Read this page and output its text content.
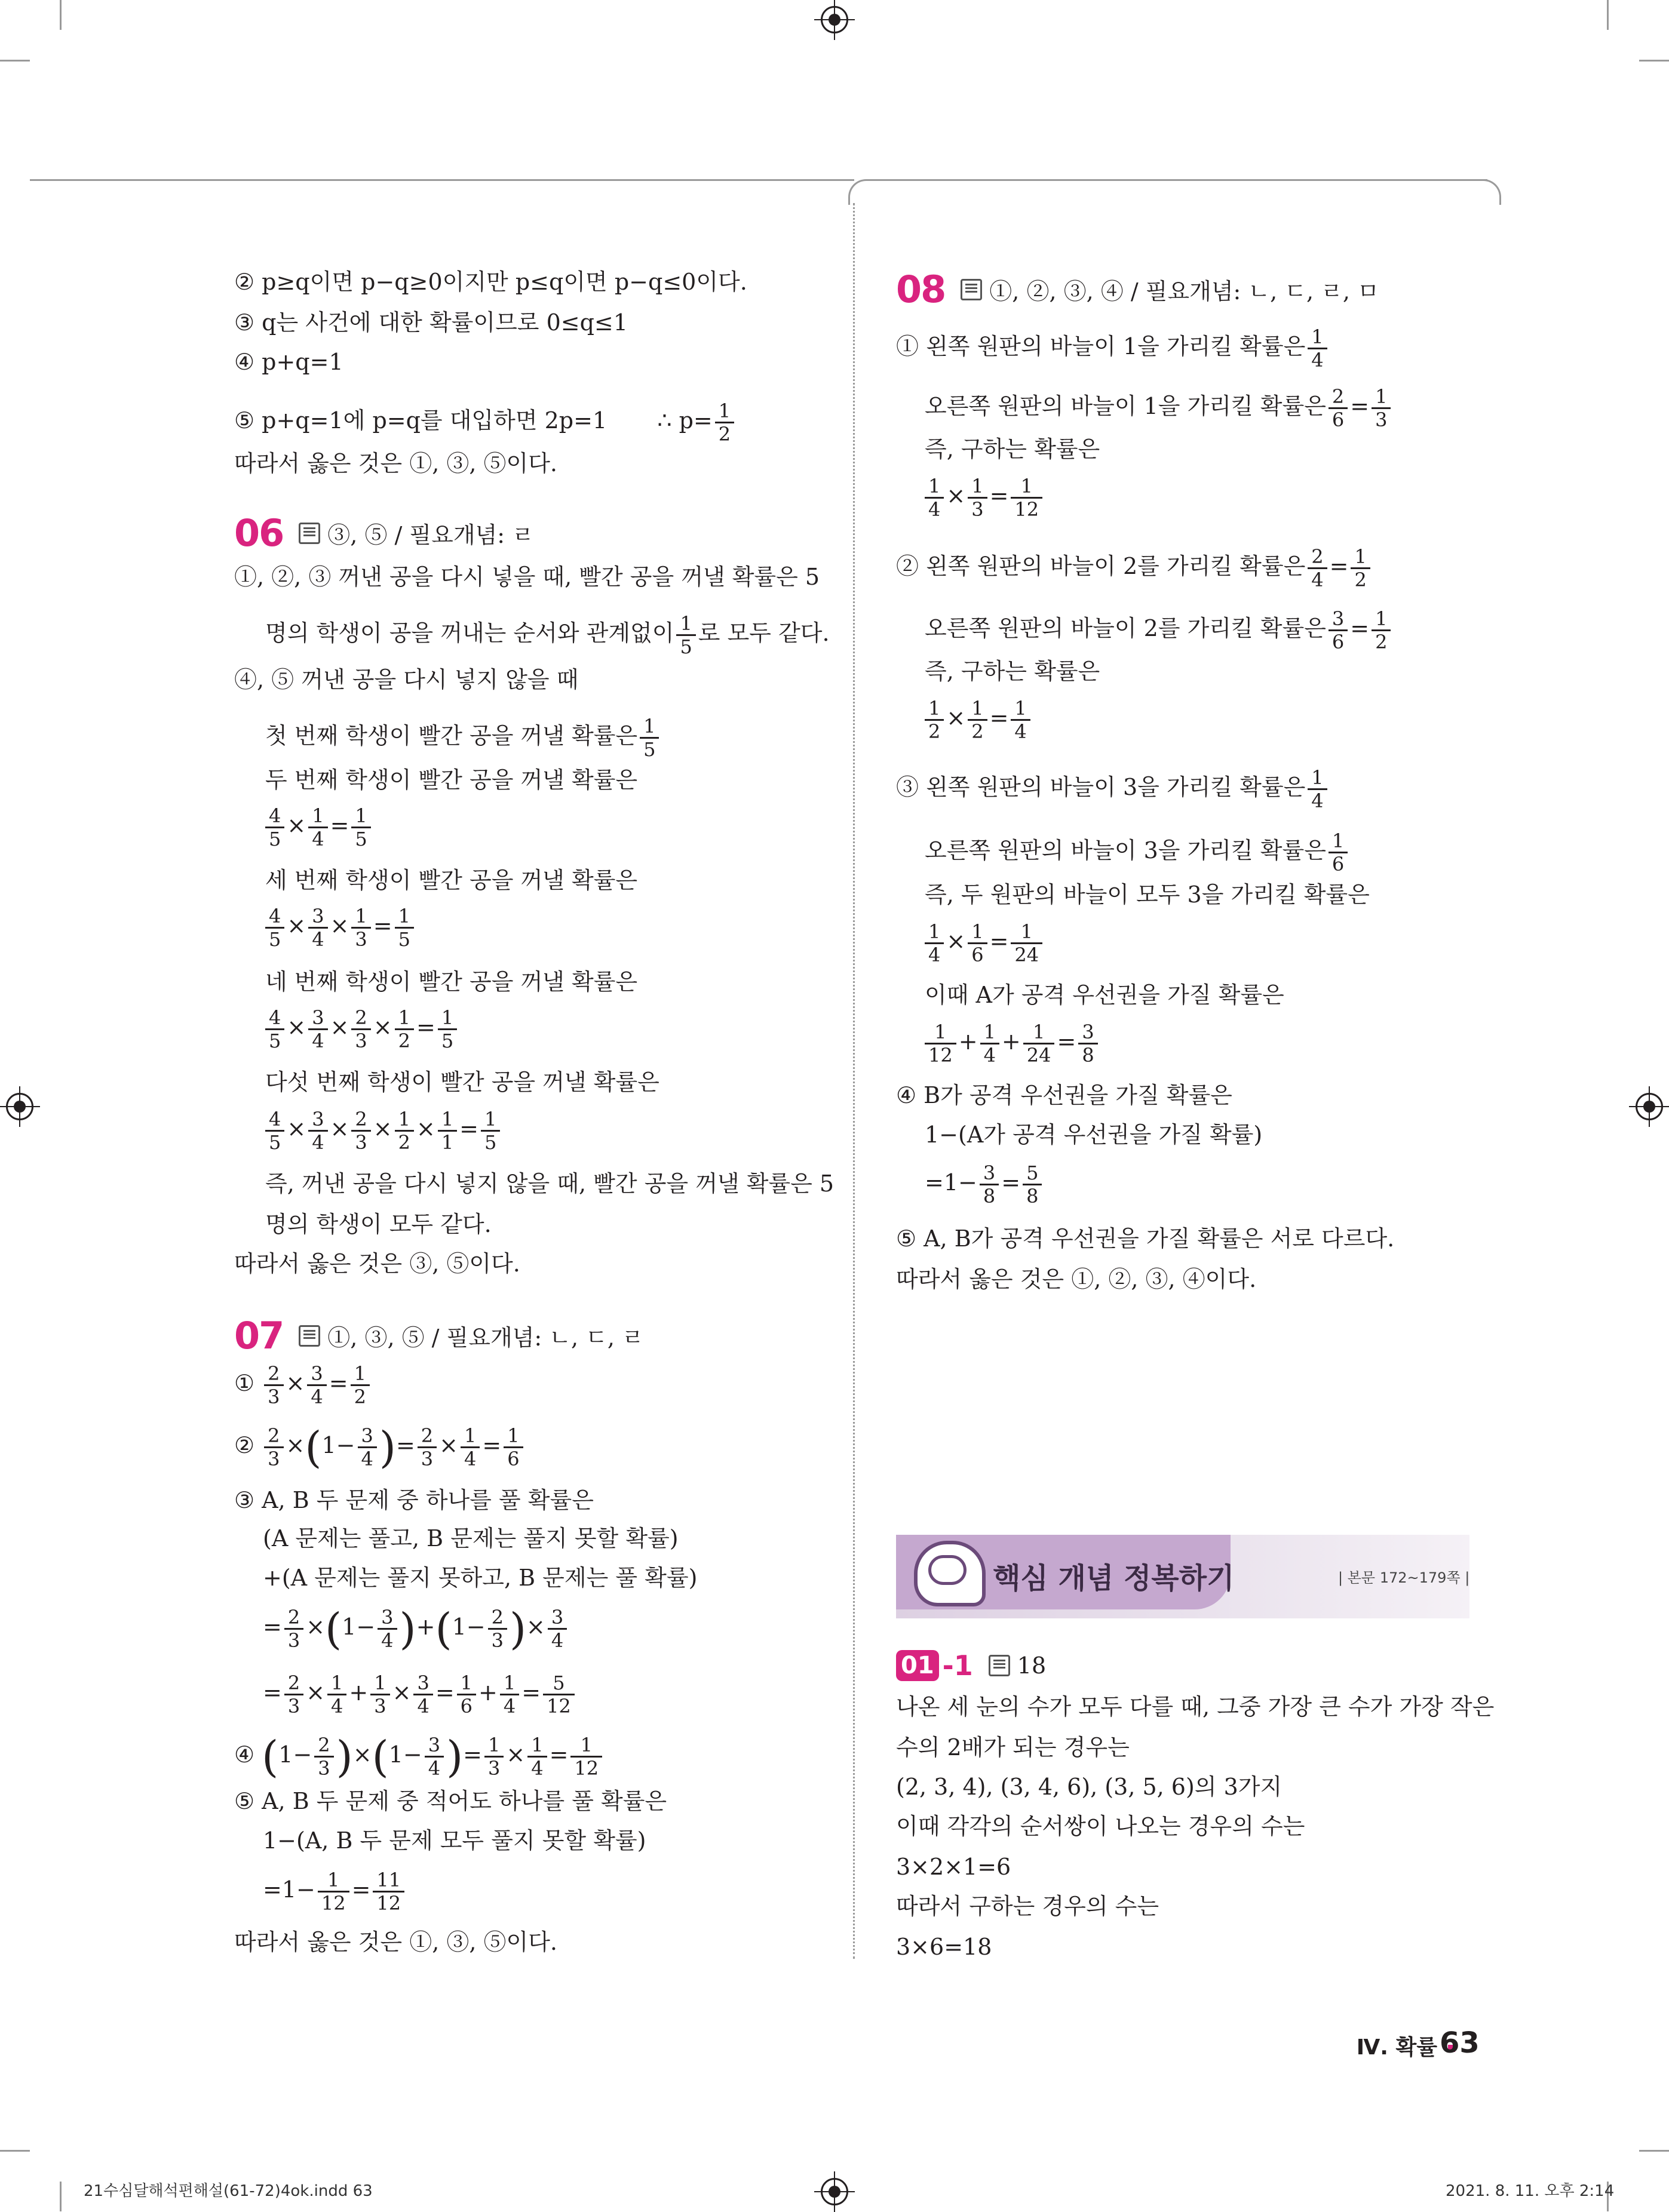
② p≥q이면 p−q≥0이지만 p≤q이면 p−q≤0이다.
③ q는 사건에 대한 확률이므로 0≤q≤1
④ p+q=1
⑤ p+q=1에 p=q를 대입하면 2p=1 ∴ $p= \frac{1}{2}$
따라서 옳은 것은 ①, ③, ⑤이다.
06 ③, ⑤ / 필요개념: ㄹ
①, ②, ③ 꺼낸 공을 다시 넣을 때, 빨간 공을 꺼낼 확률은 5
명의 학생이 공을 꺼내는 순서와 관계없이 $\frac{1}{5}$ 로 모두 같다.
④, ⑤ 꺼낸 공을 다시 넣지 않을 때
첫 번째 학생이 빨간 공을 꺼낼 확률은 $\frac{1}{5}$
두 번째 학생이 빨간 공을 꺼낼 확률은
$\frac{4}{5} \times \frac{1}{4} = \frac{1}{5}$
세 번째 학생이 빨간 공을 꺼낼 확률은
$\frac{4}{5} \times \frac{3}{4} \times \frac{1}{3} = \frac{1}{5}$
네 번째 학생이 빨간 공을 꺼낼 확률은
$\frac{4}{5} \times \frac{3}{4} \times \frac{2}{3} \times \frac{1}{2} = \frac{1}{5}$
다섯 번째 학생이 빨간 공을 꺼낼 확률은
$\frac{4}{5} \times \frac{3}{4} \times \frac{2}{3} \times \frac{1}{2} \times \frac{1}{1} = \frac{1}{5}$
즉, 꺼낸 공을 다시 넣지 않을 때, 빨간 공을 꺼낼 확률은 5
명의 학생이 모두 같다.
따라서 옳은 것은 ③, ⑤이다.
07 ①, ③, ⑤ / 필요개념: ㄴ, ㄷ, ㄹ
① $\frac{2}{3} \times \frac{3}{4} = \frac{1}{2}$
② $\frac{2}{3} \times(1- \frac{3}{4}$ )= $\frac{2}{3} \times \frac{1}{4} = \frac{1}{6}$
③ A, B 두 문제 중 하나를 풀 확률은
(A 문제는 풀고, B 문제는 풀지 못할 확률)
+(A 문제는 풀지 못하고, B 문제는 풀 확률)
= $\frac{2}{3} \times(1- \frac{3}{4} )+(1- \frac{2}{3}$ )× $\frac{3}{4}$
= $\frac{2}{3} \times \frac{1}{4} + \frac{1}{3} \times \frac{3}{4} = \frac{1}{6} + \frac{1}{4} = \frac{5}{12}$
④ $(1- \frac{2}{3} )\times(1- \frac{3}{4}$ )= $\frac{1}{3} \times \frac{1}{4} = \frac{1}{12}$
⑤ A, B 두 문제 중 적어도 하나를 풀 확률은
1−(A, B 두 문제 모두 풀지 못할 확률)
$=1- \frac{1}{12} = \frac{11}{12}$
따라서 옳은 것은 ①, ③, ⑤이다.
08 ①, ②, ③, ④ / 필요개념: ㄴ, ㄷ, ㄹ, ㅁ
① 왼쪽 원판의 바늘이 1을 가리킬 확률은 $\frac{1}{4}$
오른쪽 원판의 바늘이 1을 가리킬 확률은 $\frac{2}{6} = \frac{1}{3}$
즉, 구하는 확률은
$\frac{1}{4} \times \frac{1}{3} = \frac{1}{12}$
② 왼쪽 원판의 바늘이 2를 가리킬 확률은 $\frac{2}{4} = \frac{1}{2}$
오른쪽 원판의 바늘이 2를 가리킬 확률은 $\frac{3}{6} = \frac{1}{2}$
즉, 구하는 확률은
$\frac{1}{2} \times \frac{1}{2} = \frac{1}{4}$
③ 왼쪽 원판의 바늘이 3을 가리킬 확률은 $\frac{1}{4}$
오른쪽 원판의 바늘이 3을 가리킬 확률은 $\frac{1}{6}$
즉, 두 원판의 바늘이 모두 3을 가리킬 확률은
$\frac{1}{4} \times \frac{1}{6} = \frac{1}{24}$
이때 A가 공격 우선권을 가질 확률은
$\frac{1}{12} + \frac{1}{4} + \frac{1}{24} = \frac{3}{8}$
④ B가 공격 우선권을 가질 확률은
1−(A가 공격 우선권을 가질 확률)
$=1- \frac{3}{8} = \frac{5}{8}$
⑤ A, B가 공격 우선권을 가질 확률은 서로 다르다.
따라서 옳은 것은 ①, ②, ③, ④이다.
핵심 개념 정복하기	| 본문 172~179쪽 |
01 -1 18
나온 세 눈의 수가 모두 다를 때, 그중 가장 큰 수가 가장 작은
수의 2배가 되는 경우는
(2, 3, 4), (3, 4, 6), (3, 5, 6)의 3가지
이때 각각의 순서쌍이 나오는 경우의 수는
3×2×1=6
따라서 구하는 경우의 수는
3×6=18
Ⅳ. 확률 63
21수심달해석편해설(61-72)4ok.indd 63	2021. 8. 11. 오후 2:14
